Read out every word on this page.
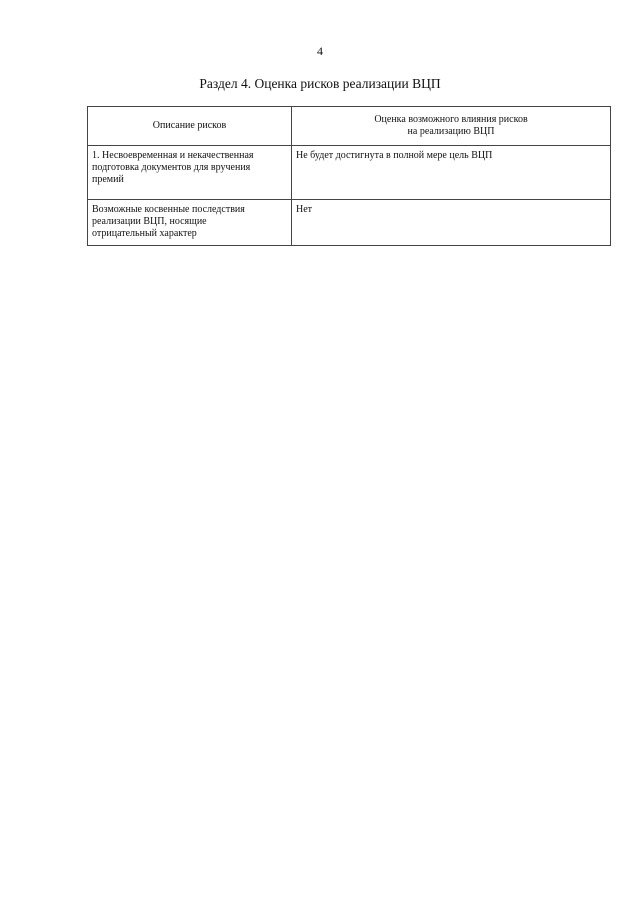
4
Раздел 4. Оценка рисков реализации ВЦП
Описание рисков	Оценка возможного влияния рисков
на реализацию ВЦП

1. Несвоевременная и некачественная
подготовка документов для вручения
премий	Не будет достигнута в полной мере цель ВЦП

Возможные косвенные последствия
реализации ВЦП, носящие
отрицательный характер	Нет
